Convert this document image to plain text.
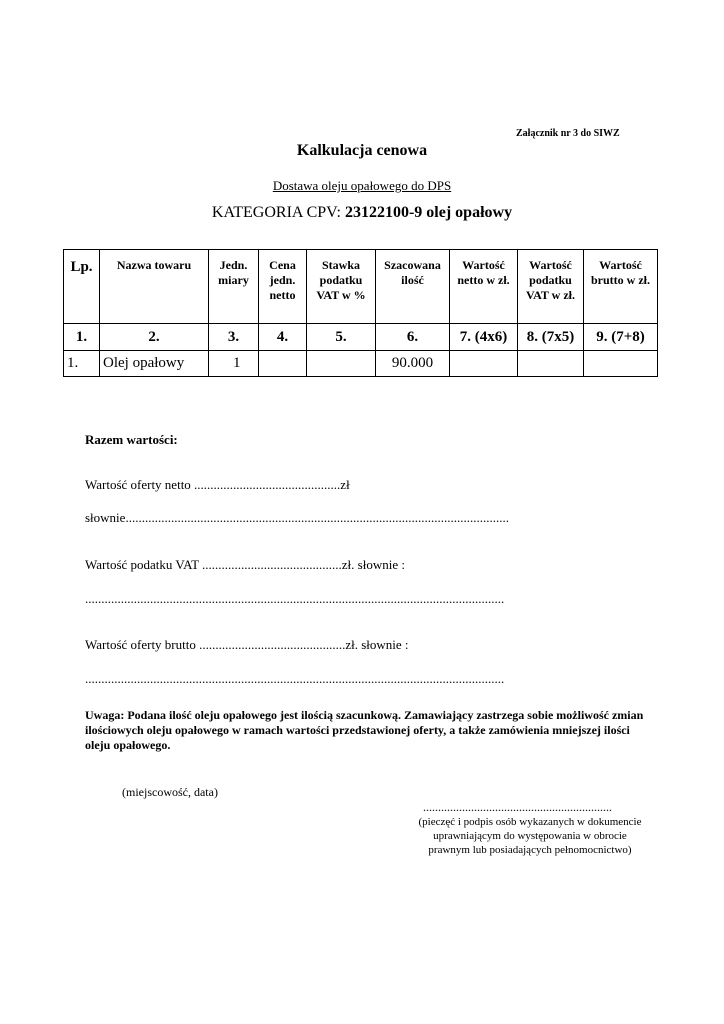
Załącznik nr 3 do SIWZ
Kalkulacja cenowa
Dostawa oleju opałowego do DPS
KATEGORIA CPV: 23122100-9 olej opałowy
Lp.	Nazwa towaru	Jedn. miary	Cena jedn. netto	Stawka podatku VAT w %	Szacowana ilość	Wartość netto w zł.	Wartość podatku VAT w zł.	Wartość brutto w zł.
1.	2.	3.	4.	5.	6.	7. (4x6)	8. (7x5)	9. (7+8)
1.	Olej opałowy	1			90.000			
Razem wartości:
Wartość oferty netto .............................................zł
słownie......................................................................................................................
Wartość podatku VAT ...........................................zł. słownie :
.................................................................................................................................
Wartość oferty brutto .............................................zł. słownie :
.................................................................................................................................
Uwaga: Podana ilość oleju opałowego jest ilością szacunkową. Zamawiający zastrzega sobie możliwość zmian ilościowych oleju opałowego w ramach wartości przedstawionej oferty, a także zamówienia mniejszej ilości oleju opałowego.
(miejscowość, data)
...............................................................
(pieczęć i podpis osób wykazanych w dokumencie uprawniającym do występowania w obrocie prawnym lub posiadających pełnomocnictwo)
